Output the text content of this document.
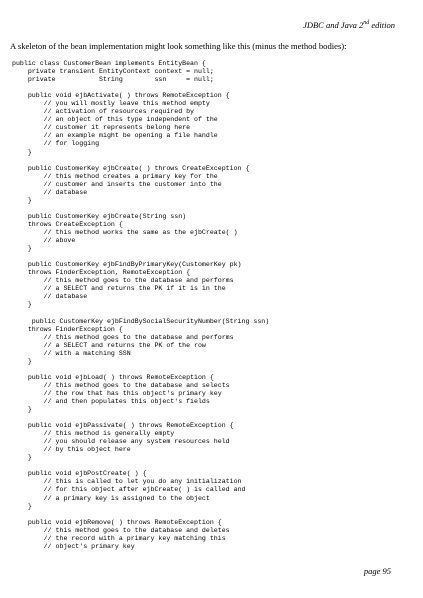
JDBC and Java 2nd edition
A skeleton of the bean implementation might look something like this (minus the method bodies):
public class CustomerBean implements EntityBean {
private transient EntityContext context = null;
private           String        ssn     = null;

public void ejbActivate( ) throws RemoteException {
// you will mostly leave this method empty
// activation of resources required by
// an object of this type independent of the
// customer it represents belong here
// an example might be opening a file handle
// for logging
}

public CustomerKey ejbCreate( ) throws CreateException {
// this method creates a primary key for the
// customer and inserts the customer into the
// database
}

public CustomerKey ejbCreate(String ssn)
throws CreateException {
// this method works the same as the ejbCreate( )
// above
}

public CustomerKey ejbFindByPrimaryKey(CustomerKey pk)
throws FinderException, RemoteException {
// this method goes to the database and performs
// a SELECT and returns the PK if it is in the
// database
}

public CustomerKey ejbFindBySocialSecurityNumber(String ssn)
throws FinderException {
// this method goes to the database and performs
// a SELECT and returns the PK of the row
// with a matching SSN
}

public void ejbLoad( ) throws RemoteException {
// this method goes to the database and selects
// the row that has this object's primary key
// and then populates this object's fields
}

public void ejbPassivate( ) throws RemoteException {
// this method is generally empty
// you should release any system resources held
// by this object here
}

public void ejbPostCreate( ) {
// this is called to let you do any initialization
// for this object after ejbCreate( ) is called and
// a primary key is assigned to the object
}

public void ejbRemove( ) throws RemoteException {
// this method goes to the database and deletes
// the record with a primary key matching this
// object's primary key

page 95
